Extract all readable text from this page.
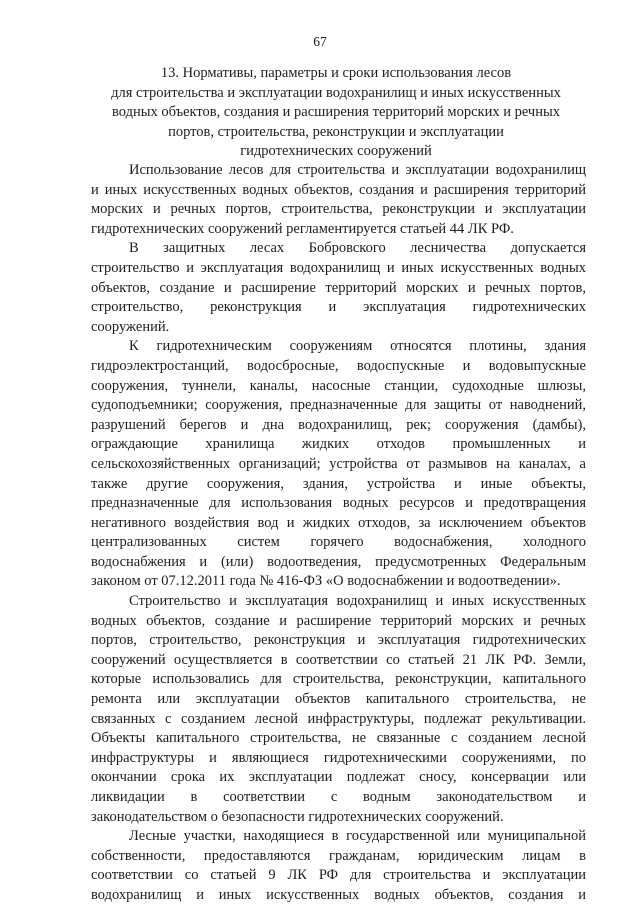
67
13. Нормативы, параметры и сроки использования лесов
для строительства и эксплуатации водохранилищ и иных искусственных
водных объектов, создания и расширения территорий морских и речных
портов, строительства, реконструкции и эксплуатации
гидротехнических сооружений
Использование лесов для строительства и эксплуатации водохранилищ
и иных искусственных водных объектов, создания и расширения территорий
морских и речных портов, строительства, реконструкции и эксплуатации
гидротехнических сооружений регламентируется статьей 44 ЛК РФ.
В защитных лесах Бобровского лесничества допускается
строительство и эксплуатация водохранилищ и иных искусственных водных
объектов, создание и расширение территорий морских и речных портов,
строительство, реконструкция и эксплуатация гидротехнических
сооружений.
К гидротехническим сооружениям относятся плотины, здания
гидроэлектростанций, водосбросные, водоспускные и водовыпускные
сооружения, туннели, каналы, насосные станции, судоходные шлюзы,
судоподъемники; сооружения, предназначенные для защиты от наводнений,
разрушений берегов и дна водохранилищ, рек; сооружения (дамбы),
ограждающие хранилища жидких отходов промышленных и
сельскохозяйственных организаций; устройства от размывов на каналах, а
также другие сооружения, здания, устройства и иные объекты,
предназначенные для использования водных ресурсов и предотвращения
негативного воздействия вод и жидких отходов, за исключением объектов
централизованных систем горячего водоснабжения, холодного
водоснабжения и (или) водоотведения, предусмотренных Федеральным
законом от 07.12.2011 года № 416-ФЗ «О водоснабжении и водоотведении».
Строительство и эксплуатация водохранилищ и иных искусственных
водных объектов, создание и расширение территорий морских и речных
портов, строительство, реконструкция и эксплуатация гидротехнических
сооружений осуществляется в соответствии со статьей 21 ЛК РФ. Земли,
которые использовались для строительства, реконструкции, капитального
ремонта или эксплуатации объектов капитального строительства, не
связанных с созданием лесной инфраструктуры, подлежат рекультивации.
Объекты капитального строительства, не связанные с созданием лесной
инфраструктуры и являющиеся гидротехническими сооружениями, по
окончании срока их эксплуатации подлежат сносу, консервации или
ликвидации в соответствии с водным законодательством и
законодательством о безопасности гидротехнических сооружений.
Лесные участки, находящиеся в государственной или муниципальной
собственности, предоставляются гражданам, юридическим лицам в
соответствии со статьей 9 ЛК РФ для строительства и эксплуатации
водохранилищ и иных искусственных водных объектов, создания и
